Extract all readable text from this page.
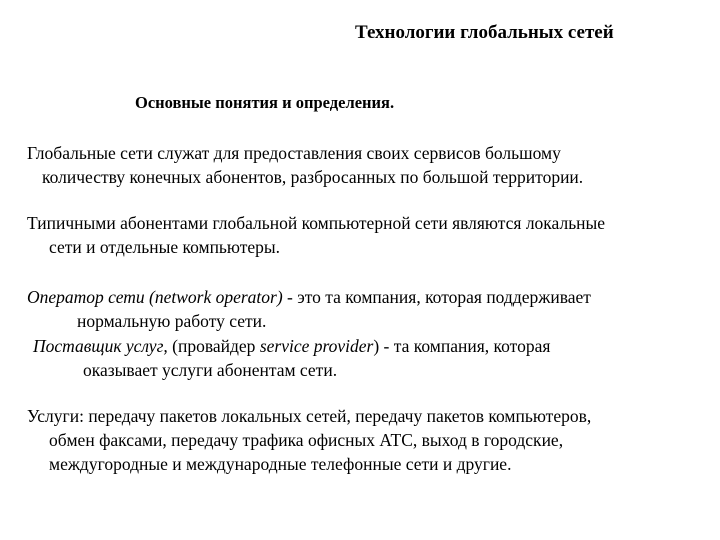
Технологии глобальных сетей
Основные понятия и определения.
Глобальные сети служат для предоставления своих сервисов большому
количеству конечных абонентов, разбросанных по большой территории.
Типичными абонентами глобальной компьютерной сети являются локальные
сети и отдельные компьютеры.
Оператор сети (network operator) - это та компания, которая поддерживает
нормальную работу сети.
Поставщик услуг, (провайдер service provider) - та компания, которая
оказывает услуги абонентам сети.
Услуги: передачу пакетов локальных сетей, передачу пакетов компьютеров,
обмен факсами, передачу трафика офисных АТС, выход в городские,
междугородные и международные телефонные сети и другие.
